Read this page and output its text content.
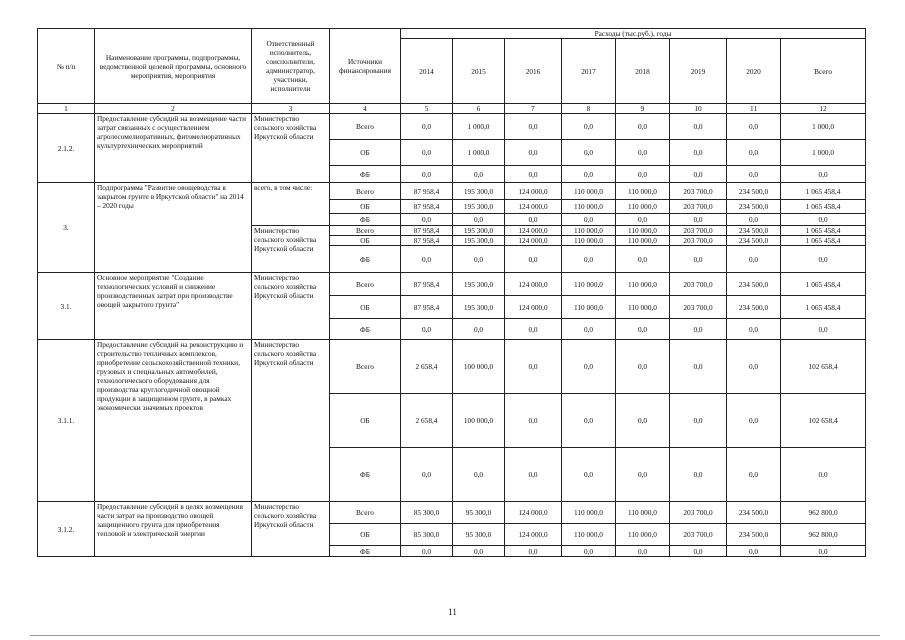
№ п/п	Наименование программы, подпрограммы, ведомственной целевой программы, основного мероприятия, мероприятия	Ответственный исполнитель, соисполнители, администратор, участники, исполнители	Источники финансирования	Расходы (тыс.руб.), годы							
				2014	2015	2016	2017	2018	2019	2020	Всего
1	2	3	4	5	6	7	8	9	10	11	12
2.1.2.	Предоставление субсидий на возмещение части затрат связанных с осуществлением агролесомелиоративных, фитомелиоративных культуртехнических мероприятий	Министерство сельского хозяйства Иркутской области	Всего	0,0	1 000,0	0,0	0,0	0,0	0,0	0,0	1 000,0
			ОБ	0,0	1 000,0	0,0	0,0	0,0	0,0	0,0	1 000,0
			ФБ	0,0	0,0	0,0	0,0	0,0	0,0	0,0	0,0
3.	Подпрограмма "Развитие овощеводства в закрытом грунте в Иркутской области" на 2014 – 2020 годы	всего, в том числе:	Всего	87 958,4	195 300,0	124 000,0	110 000,0	110 000,0	203 700,0	234 500,0	1 065 458,4
			ОБ	87 958,4	195 300,0	124 000,0	110 000,0	110 000,0	203 700,0	234 500,0	1 065 458,4
			ФБ	0,0	0,0	0,0	0,0	0,0	0,0	0,0	0,0
		Министерство сельского хозяйства Иркутской области	Всего	87 958,4	195 300,0	124 000,0	110 000,0	110 000,0	203 700,0	234 500,0	1 065 458,4
			ОБ	87 958,4	195 300,0	124 000,0	110 000,0	110 000,0	203 700,0	234 500,0	1 065 458,4
			ФБ	0,0	0,0	0,0	0,0	0,0	0,0	0,0	0,0
3.1.	Основное мероприятие "Создание технологических условий и снижение производственных затрат при производстве овощей закрытого грунта"	Министерство сельского хозяйства Иркутской области	Всего	87 958,4	195 300,0	124 000,0	110 000,0	110 000,0	203 700,0	234 500,0	1 065 458,4
			ОБ	87 958,4	195 300,0	124 000,0	110 000,0	110 000,0	203 700,0	234 500,0	1 065 458,4
			ФБ	0,0	0,0	0,0	0,0	0,0	0,0	0,0	0,0
3.1.1.	Предоставление субсидий на реконструкцию и строительство тепличных комплексов, приобретение сельскохозяйственной техники, грузовых и специальных автомобилей, технологического оборудования для производства круглогодичной овощной продукции в защищенном грунте, в рамках экономически значимых проектов	Министерство сельского хозяйства Иркутской области	Всего	2 658,4	100 000,0	0,0	0,0	0,0	0,0	0,0	102 658,4
			ОБ	2 658,4	100 000,0	0,0	0,0	0,0	0,0	0,0	102 658,4
			ФБ	0,0	0,0	0,0	0,0	0,0	0,0	0,0	0,0
3.1.2.	Предоставление субсидий в целях возмещения части затрат на производство овощей защищенного грунта для приобретения тепловой и электрической энергии	Министерство сельского хозяйства Иркутской области	Всего	85 300,0	95 300,0	124 000,0	110 000,0	110 000,0	203 700,0	234 500,0	962 800,0
			ОБ	85 300,0	95 300,0	124 000,0	110 000,0	110 000,0	203 700,0	234 500,0	962 800,0
			ФБ	0,0	0,0	0,0	0,0	0,0	0,0	0,0	0,0
11
